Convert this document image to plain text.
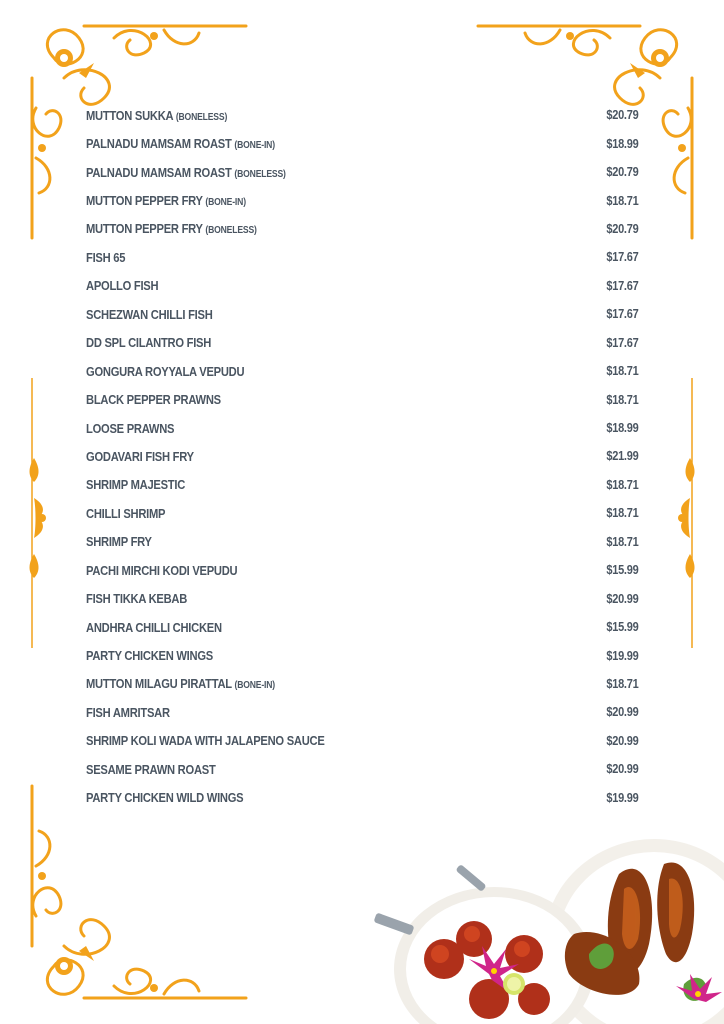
MUTTON SUKKA (BONELESS)	$20.79
PALNADU MAMSAM ROAST (BONE-IN)	$18.99
PALNADU MAMSAM ROAST (BONELESS)	$20.79
MUTTON PEPPER FRY (BONE-IN)	$18.71
MUTTON PEPPER FRY (BONELESS)	$20.79
FISH 65	$17.67
APOLLO FISH	$17.67
SCHEZWAN CHILLI FISH	$17.67
DD SPL CILANTRO FISH	$17.67
GONGURA ROYYALA VEPUDU	$18.71
BLACK PEPPER PRAWNS	$18.71
LOOSE PRAWNS	$18.99
GODAVARI FISH FRY	$21.99
SHRIMP MAJESTIC	$18.71
CHILLI SHRIMP	$18.71
SHRIMP FRY	$18.71
PACHI MIRCHI KODI VEPUDU	$15.99
FISH TIKKA KEBAB	$20.99
ANDHRA CHILLI CHICKEN	$15.99
PARTY CHICKEN WINGS	$19.99
MUTTON MILAGU PIRATTAL (BONE-IN)	$18.71
FISH AMRITSAR	$20.99
SHRIMP KOLI WADA WITH JALAPENO SAUCE	$20.99
SESAME PRAWN ROAST	$20.99
PARTY CHICKEN WILD WINGS	$19.99
